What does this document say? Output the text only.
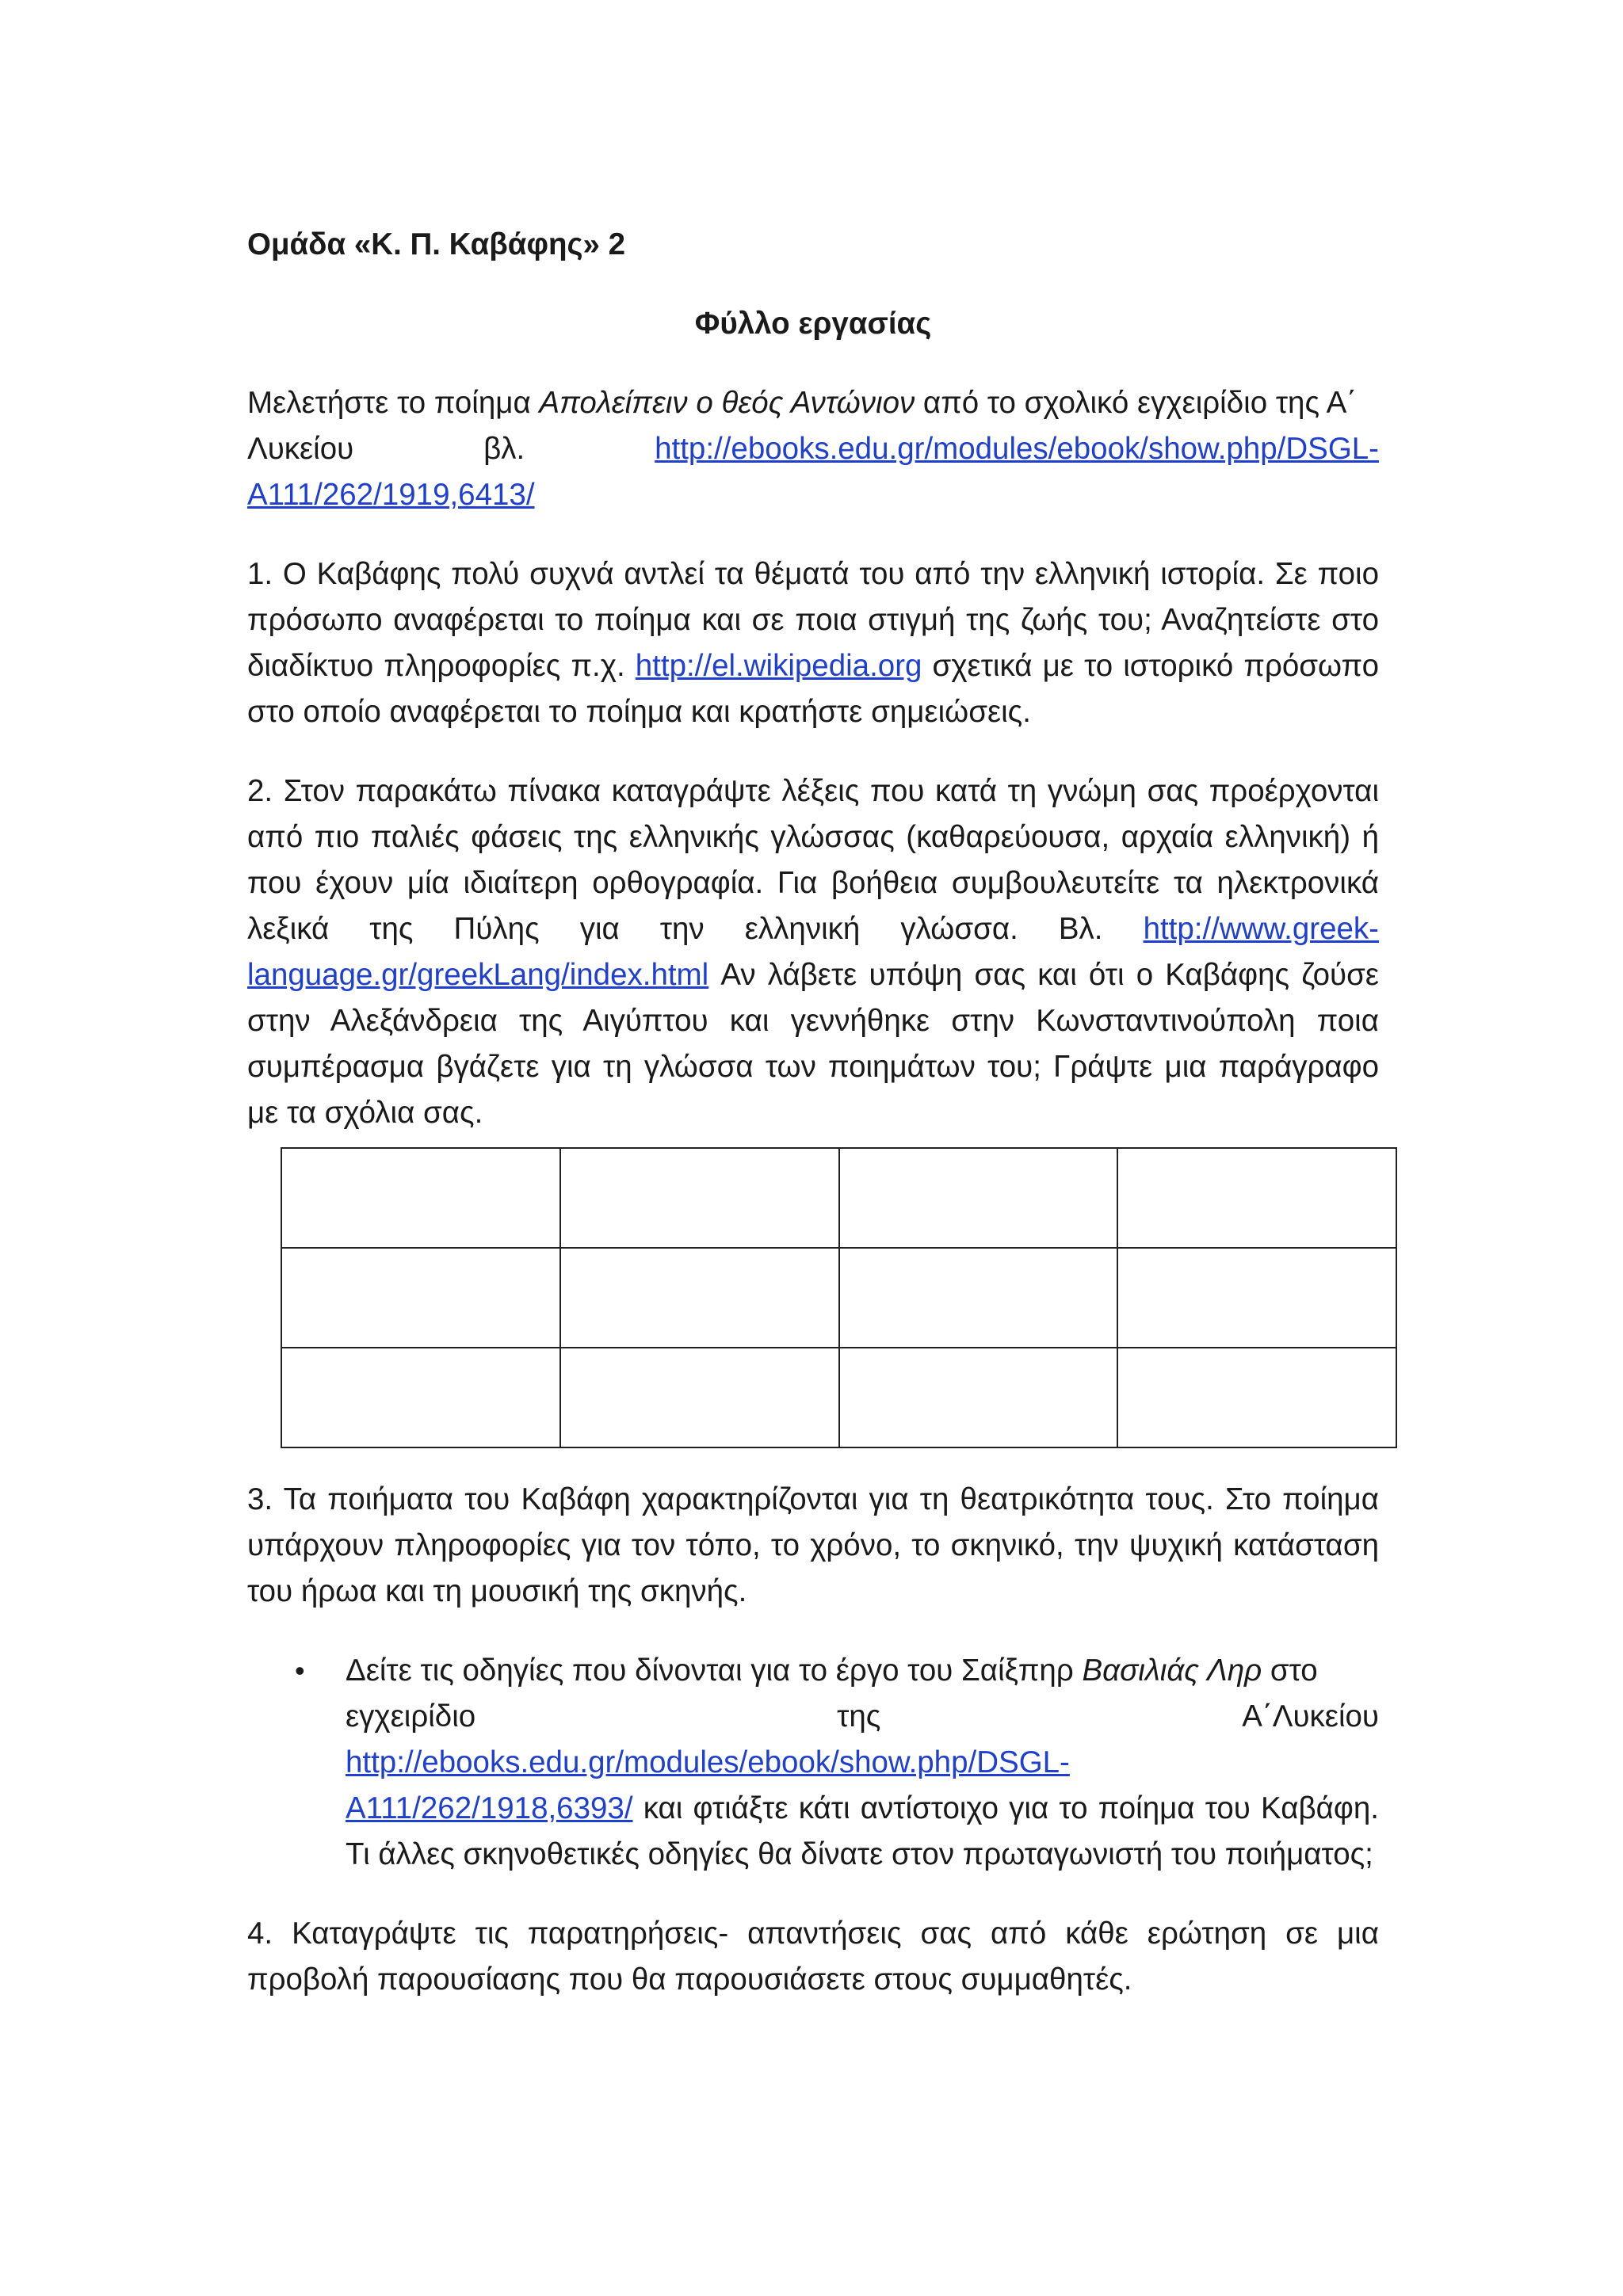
Ομάδα «Κ. Π. Καβάφης» 2

Φύλλο εργασίας

Μελετήστε το ποίημα Απολείπειν ο θεός Αντώνιον από το σχολικό εγχειρίδιο της Α΄

Λυκείου	βλ.	http://ebooks.edu.gr/modules/ebook/show.php/DSGL-

A111/262/1919,6413/

1. Ο Καβάφης πολύ συχνά αντλεί τα θέματά του από την ελληνική ιστορία. Σε ποιο πρόσωπο αναφέρεται το ποίημα και σε ποια στιγμή της ζωής του; Αναζητείστε στο διαδίκτυο πληροφορίες π.χ. http://el.wikipedia.org σχετικά με το ιστορικό πρόσωπο στο οποίο αναφέρεται το ποίημα και κρατήστε σημειώσεις.

2. Στον παρακάτω πίνακα καταγράψτε λέξεις που κατά τη γνώμη σας προέρχονται από πιο παλιές φάσεις της ελληνικής γλώσσας (καθαρεύουσα, αρχαία ελληνική) ή που έχουν μία ιδιαίτερη ορθογραφία. Για βοήθεια συμβουλευτείτε τα ηλεκτρονικά λεξικά της Πύλης για την ελληνική γλώσσα. Βλ. http://www.greek-language.gr/greekLang/index.html Αν λάβετε υπόψη σας και ότι ο Καβάφης ζούσε στην Αλεξάνδρεια της Αιγύπτου και γεννήθηκε στην Κωνσταντινούπολη ποια συμπέρασμα βγάζετε για τη γλώσσα των ποιημάτων του; Γράψτε μια παράγραφο με τα σχόλια σας.

3. Τα ποιήματα του Καβάφη χαρακτηρίζονται για τη θεατρικότητα τους. Στο ποίημα υπάρχουν πληροφορίες για τον τόπο, το χρόνο, το σκηνικό, την ψυχική κατάσταση του ήρωα και τη μουσική της σκηνής.

•	Δείτε τις οδηγίες που δίνονται για το έργο του Σαίξπηρ Βασιλιάς Ληρ στο

εγχειρίδιο	της	Α΄Λυκείου

http://ebooks.edu.gr/modules/ebook/show.php/DSGL-

A111/262/1918,6393/ και φτιάξτε κάτι αντίστοιχο για το ποίημα του Καβάφη. Τι άλλες σκηνοθετικές οδηγίες θα δίνατε στον πρωταγωνιστή του ποιήματος;

4. Καταγράψτε τις παρατηρήσεις- απαντήσεις σας από κάθε ερώτηση σε μια προβολή παρουσίασης που θα παρουσιάσετε στους συμμαθητές.
